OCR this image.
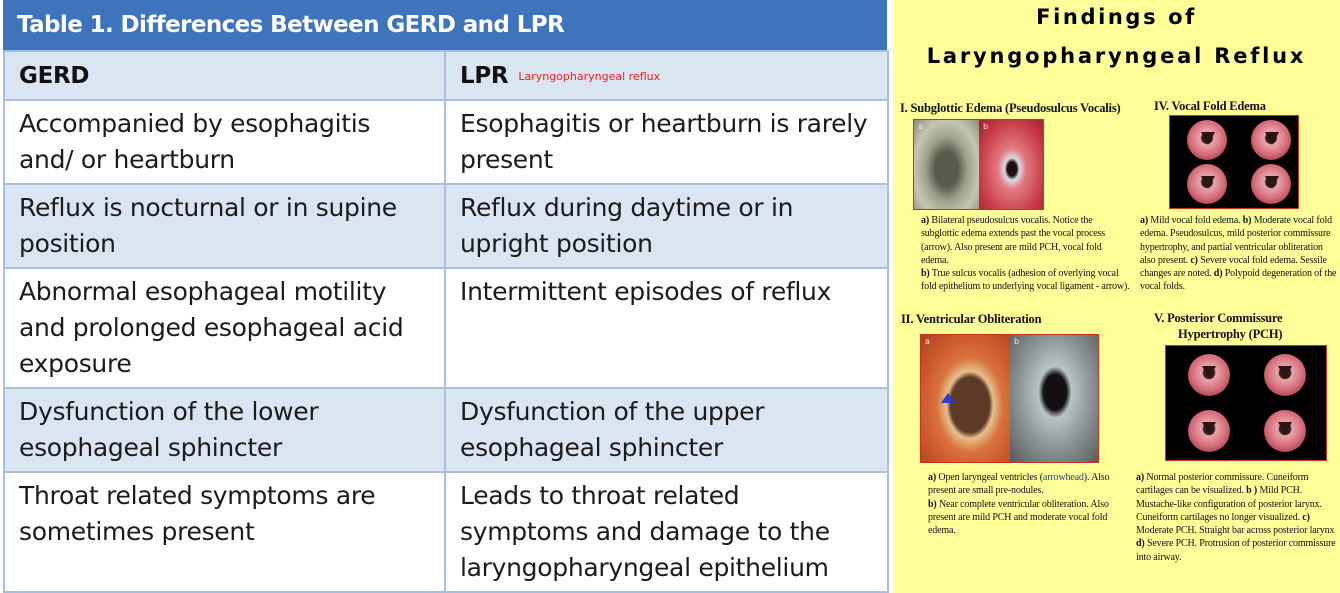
Table 1. Differences Between GERD and LPR
GERD	LPR Laryngopharyngeal reflux
Accompanied by esophagitis and/ or heartburn	Esophagitis or heartburn is rarely present
Reflux is nocturnal or in supine position	Reflux during daytime or in upright position
Abnormal esophageal motility and prolonged esophageal acid exposure	Intermittent episodes of reflux
Dysfunction of the lower esophageal sphincter	Dysfunction of the upper esophageal sphincter
Throat related symptoms are sometimes present	Leads to throat related symptoms and damage to the laryngopharyngeal epithelium
Findings of
Laryngopharyngeal Reflux
I. Subglottic Edema (Pseudosulcus Vocalis)
a	b
a) Bilateral pseudosulcus vocalis. Notice the subglottic edema extends past the vocal process (arrow). Also present are mild PCH, vocal fold edema.
b) True sulcus vocalis (adhesion of overlying vocal fold epithelium to underlying vocal ligament - arrow).
IV. Vocal Fold Edema
a) Mild vocal fold edema. b) Moderate vocal fold edema. Pseudosulcus, mild posterior commissure hypertrophy, and partial ventricular obliteration also present. c) Severe vocal fold edema. Sessile changes are noted. d) Polypoid degeneration of the vocal folds.
II. Ventricular Obliteration
a	b
a) Open laryngeal ventricles (arrowhead). Also present are small pre-nodules.
b) Near complete ventricular obliteration. Also present are mild PCH and moderate vocal fold edema.
V. Posterior Commissure
Hypertrophy (PCH)
a) Normal posterior commissure. Cuneiform cartilages can be visualized. b ) Mild PCH. Mustache-like configuration of posterior larynx. Cuneiform cartilages no longer visualized. c) Moderate PCH. Straight bar across posterior larynx d) Severe PCH. Protrusion of posterior commissure into airway.
